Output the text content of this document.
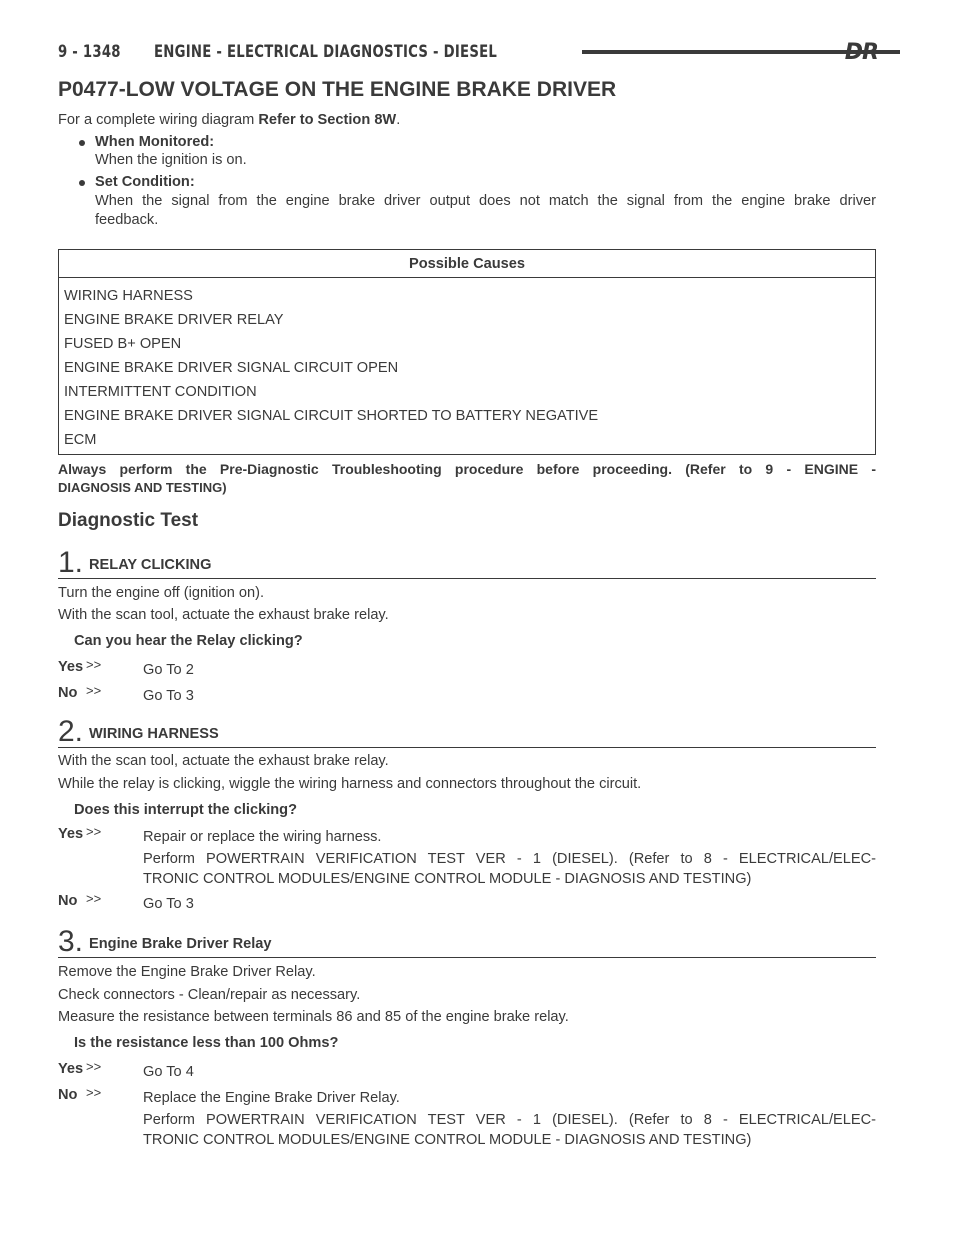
9 - 1348	ENGINE - ELECTRICAL DIAGNOSTICS - DIESEL	DR
P0477-LOW VOLTAGE ON THE ENGINE BRAKE DRIVER
For a complete wiring diagram Refer to Section 8W.
When Monitored:
When the ignition is on.
Set Condition:
When the signal from the engine brake driver output does not match the signal from the engine brake driver
feedback.
Possible Causes
WIRING HARNESS
ENGINE BRAKE DRIVER RELAY
FUSED B+ OPEN
ENGINE BRAKE DRIVER SIGNAL CIRCUIT OPEN
INTERMITTENT CONDITION
ENGINE BRAKE DRIVER SIGNAL CIRCUIT SHORTED TO BATTERY NEGATIVE
ECM
Always perform the Pre-Diagnostic Troubleshooting procedure before proceeding. (Refer to 9 - ENGINE -
DIAGNOSIS AND TESTING)
Diagnostic Test
1. RELAY CLICKING
Turn the engine off (ignition on).
With the scan tool, actuate the exhaust brake relay.
Can you hear the Relay clicking?
Yes >>	Go To 2
No >>	Go To 3
2. WIRING HARNESS
With the scan tool, actuate the exhaust brake relay.
While the relay is clicking, wiggle the wiring harness and connectors throughout the circuit.
Does this interrupt the clicking?
Yes >>	Repair or replace the wiring harness.
Perform POWERTRAIN VERIFICATION TEST VER - 1 (DIESEL). (Refer to 8 - ELECTRICAL/ELEC-
TRONIC CONTROL MODULES/ENGINE CONTROL MODULE - DIAGNOSIS AND TESTING)
No >>	Go To 3
3. Engine Brake Driver Relay
Remove the Engine Brake Driver Relay.
Check connectors - Clean/repair as necessary.
Measure the resistance between terminals 86 and 85 of the engine brake relay.
Is the resistance less than 100 Ohms?
Yes >>	Go To 4
No >>	Replace the Engine Brake Driver Relay.
Perform POWERTRAIN VERIFICATION TEST VER - 1 (DIESEL). (Refer to 8 - ELECTRICAL/ELEC-
TRONIC CONTROL MODULES/ENGINE CONTROL MODULE - DIAGNOSIS AND TESTING)
